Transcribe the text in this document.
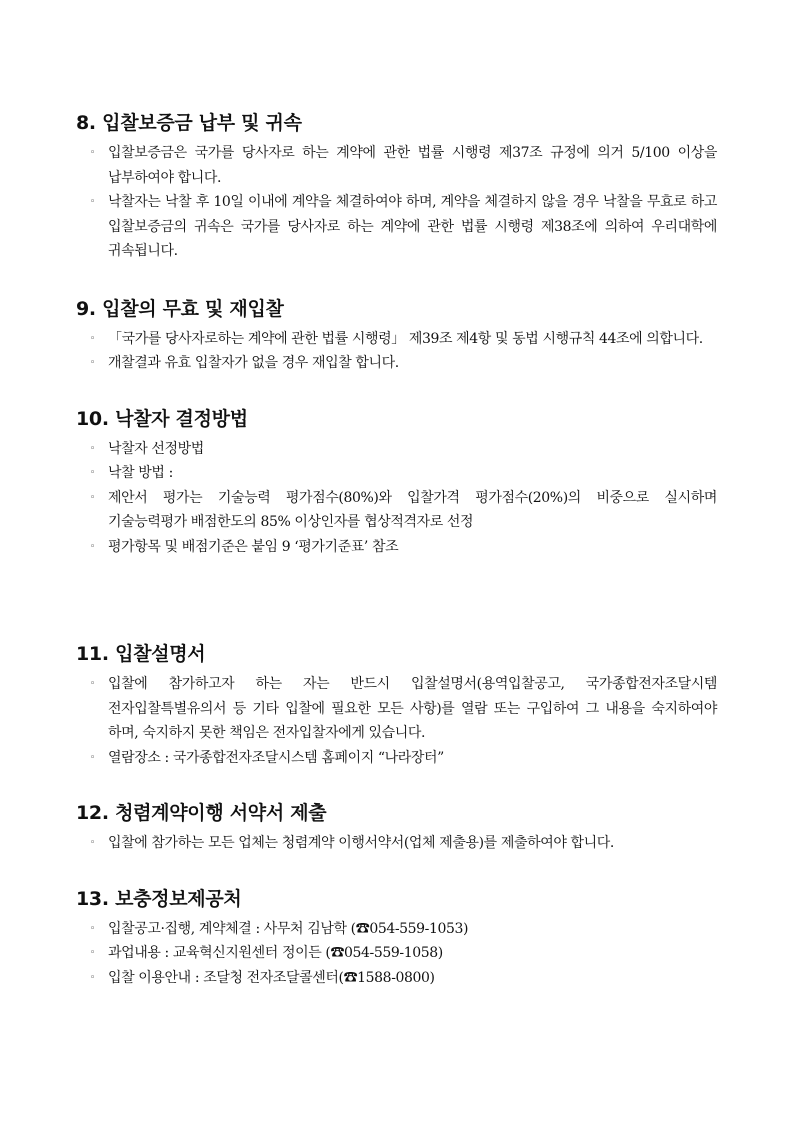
8. 입찰보증금 납부 및 귀속
◦ 입찰보증금은 국가를 당사자로 하는 계약에 관한 법률 시행령 제37조 규정에 의거 5/100 이상을 납부하여야 합니다.
◦ 낙찰자는 낙찰 후 10일 이내에 계약을 체결하여야 하며, 계약을 체결하지 않을 경우 낙찰을 무효로 하고 입찰보증금의 귀속은 국가를 당사자로 하는 계약에 관한 법률 시행령 제38조에 의하여 우리대학에 귀속됩니다.
9. 입찰의 무효 및 재입찰
◦ 「국가를 당사자로하는 계약에 관한 법률 시행령」 제39조 제4항 및 동법 시행규칙 44조에 의합니다.
◦ 개찰결과 유효 입찰자가 없을 경우 재입찰 합니다.
10. 낙찰자 결정방법
◦ 낙찰자 선정방법
◦ 낙찰 방법 :
◦ 제안서 평가는 기술능력 평가점수(80%)와 입찰가격 평가점수(20%)의 비중으로 실시하며 기술능력평가 배점한도의 85% 이상인자를 협상적격자로 선정
◦ 평가항목 및 배점기준은 붙임 9 ‘평가기준표’ 참조
11. 입찰설명서
◦ 입찰에 참가하고자 하는 자는 반드시 입찰설명서(용역입찰공고, 국가종합전자조달시템 전자입찰특별유의서 등 기타 입찰에 필요한 모든 사항)를 열람 또는 구입하여 그 내용을 숙지하여야 하며, 숙지하지 못한 책임은 전자입찰자에게 있습니다.
◦ 열람장소 : 국가종합전자조달시스템 홈페이지 “나라장터”
12. 청렴계약이행 서약서 제출
◦ 입찰에 참가하는 모든 업체는 청렴계약 이행서약서(업체 제출용)를 제출하여야 합니다.
13. 보충정보제공처
◦ 입찰공고·집행, 계약체결 : 사무처 김남학 (☎054-559-1053)
◦ 과업내용 : 교육혁신지원센터 정이든 (☎054-559-1058)
◦ 입찰 이용안내 : 조달청 전자조달콜센터(☎1588-0800)
